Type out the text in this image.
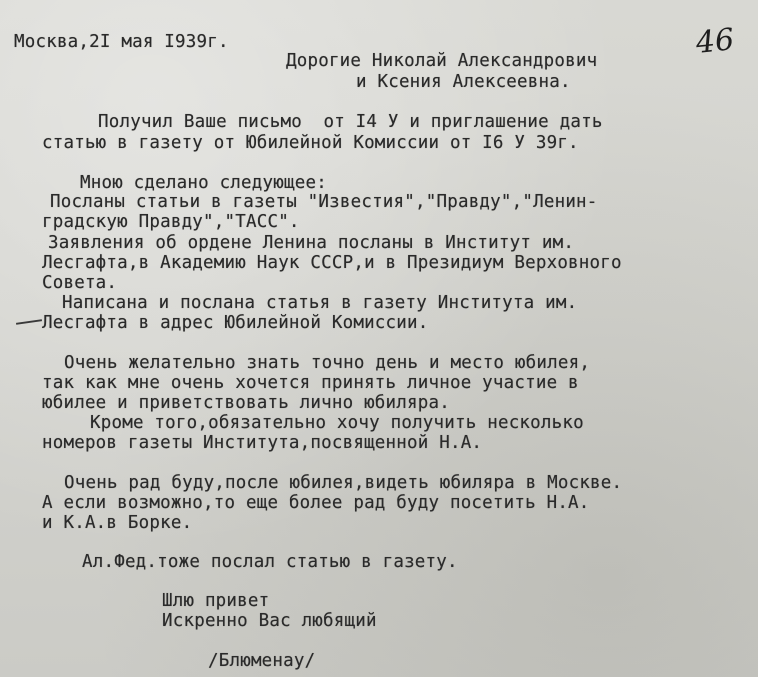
46
Москва,2I мая I939г.
Дорогие Николай Александрович
и Ксения Алексеевна.
Получил Ваше письмо  от I4 У и приглашение дать
статью в газету от Юбилейной Комиссии от I6 У 39г.
Мною сделано следующее:
Посланы статьи в газеты "Известия","Правду","Ленин-
градскую Правду","ТАСС".
Заявления об ордене Ленина посланы в Институт им.
Лесгафта,в Академию Наук СССР,и в Президиум Верховного
Совета.
Написана и послана статья в газету Института им.
Лесгафта в адрес Юбилейной Комиссии.
Очень желательно знать точно день и место юбилея,
так как мне очень хочется принять личное участие в
юбилее и приветствовать лично юбиляра.
Кроме того,обязательно хочу получить несколько
номеров газеты Института,посвященной Н.А.
Очень рад буду,после юбилея,видеть юбиляра в Москве.
А если возможно,то еще более рад буду посетить Н.А.
и К.А.в Борке.
Ал.Фед.тоже послал статью в газету.
Шлю привет
Искренно Вас любящий
/Блюменау/
